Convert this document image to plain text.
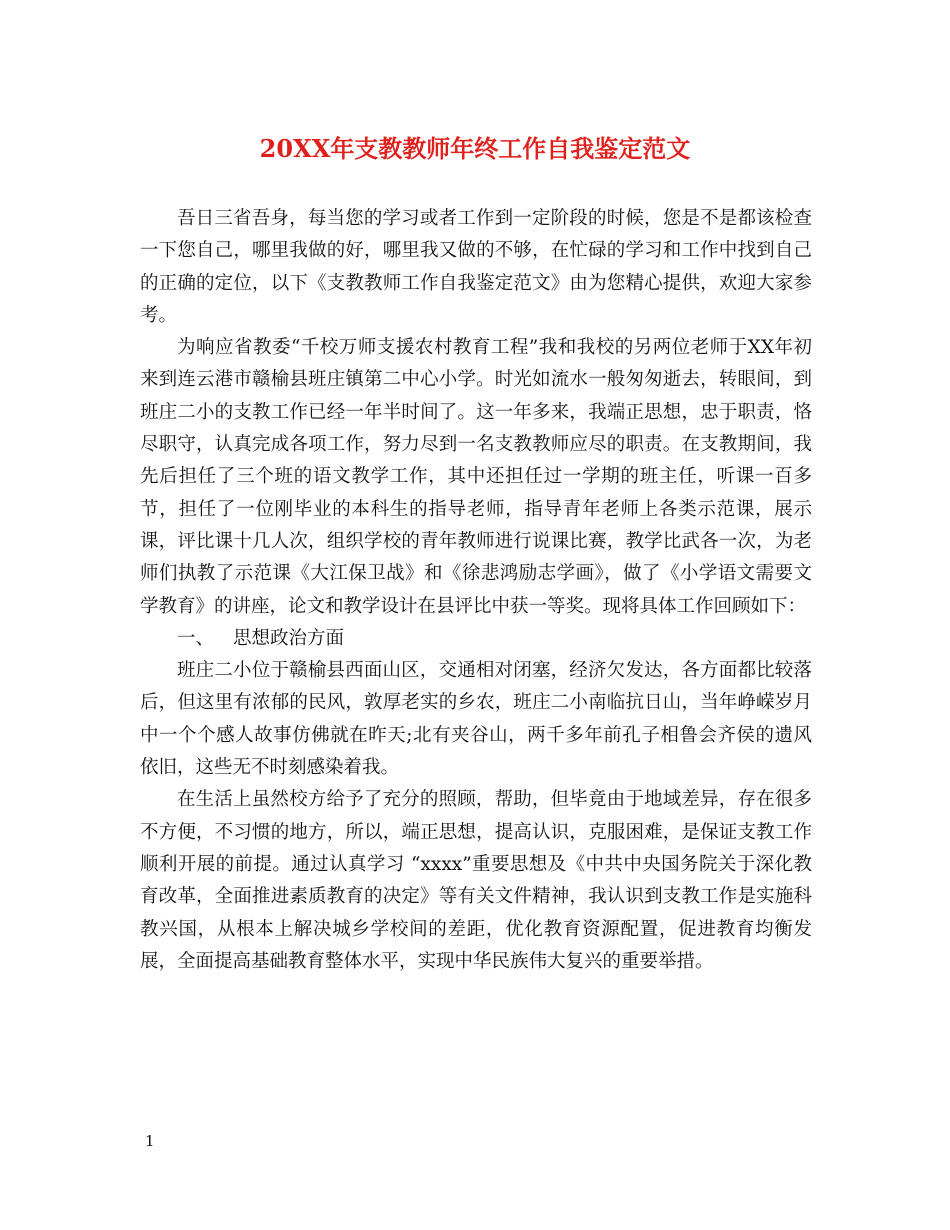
20XX年支教教师年终工作自我鉴定范文

吾日三省吾身，每当您的学习或者工作到一定阶段的时候，您是不是都该检查一下您自己，哪里我做的好，哪里我又做的不够，在忙碌的学习和工作中找到自己的正确的定位，以下《支教教师工作自我鉴定范文》由为您精心提供，欢迎大家参考。

为响应省教委“千校万师支援农村教育工程”我和我校的另两位老师于XX年初来到连云港市赣榆县班庄镇第二中心小学。时光如流水一般匆匆逝去，转眼间，到班庄二小的支教工作已经一年半时间了。这一年多来，我端正思想，忠于职责，恪尽职守，认真完成各项工作，努力尽到一名支教教师应尽的职责。在支教期间，我先后担任了三个班的语文教学工作，其中还担任过一学期的班主任，听课一百多节，担任了一位刚毕业的本科生的指导老师，指导青年老师上各类示范课，展示课，评比课十几人次，组织学校的青年教师进行说课比赛，教学比武各一次，为老师们执教了示范课《大江保卫战》和《徐悲鸿励志学画》，做了《小学语文需要文学教育》的讲座，论文和教学设计在县评比中获一等奖。现将具体工作回顾如下：

一、 思想政治方面

班庄二小位于赣榆县西面山区，交通相对闭塞，经济欠发达，各方面都比较落后，但这里有浓郁的民风，敦厚老实的乡农，班庄二小南临抗日山，当年峥嵘岁月中一个个感人故事仿佛就在昨天;北有夹谷山，两千多年前孔子相鲁会齐侯的遗风依旧，这些无不时刻感染着我。

在生活上虽然校方给予了充分的照顾，帮助，但毕竟由于地域差异，存在很多不方便，不习惯的地方，所以，端正思想，提高认识，克服困难，是保证支教工作顺利开展的前提。通过认真学习 “xxxx”重要思想及《中共中央国务院关于深化教育改革，全面推进素质教育的决定》等有关文件精神，我认识到支教工作是实施科教兴国，从根本上解决城乡学校间的差距，优化教育资源配置，促进教育均衡发展，全面提高基础教育整体水平，实现中华民族伟大复兴的重要举措。

1
